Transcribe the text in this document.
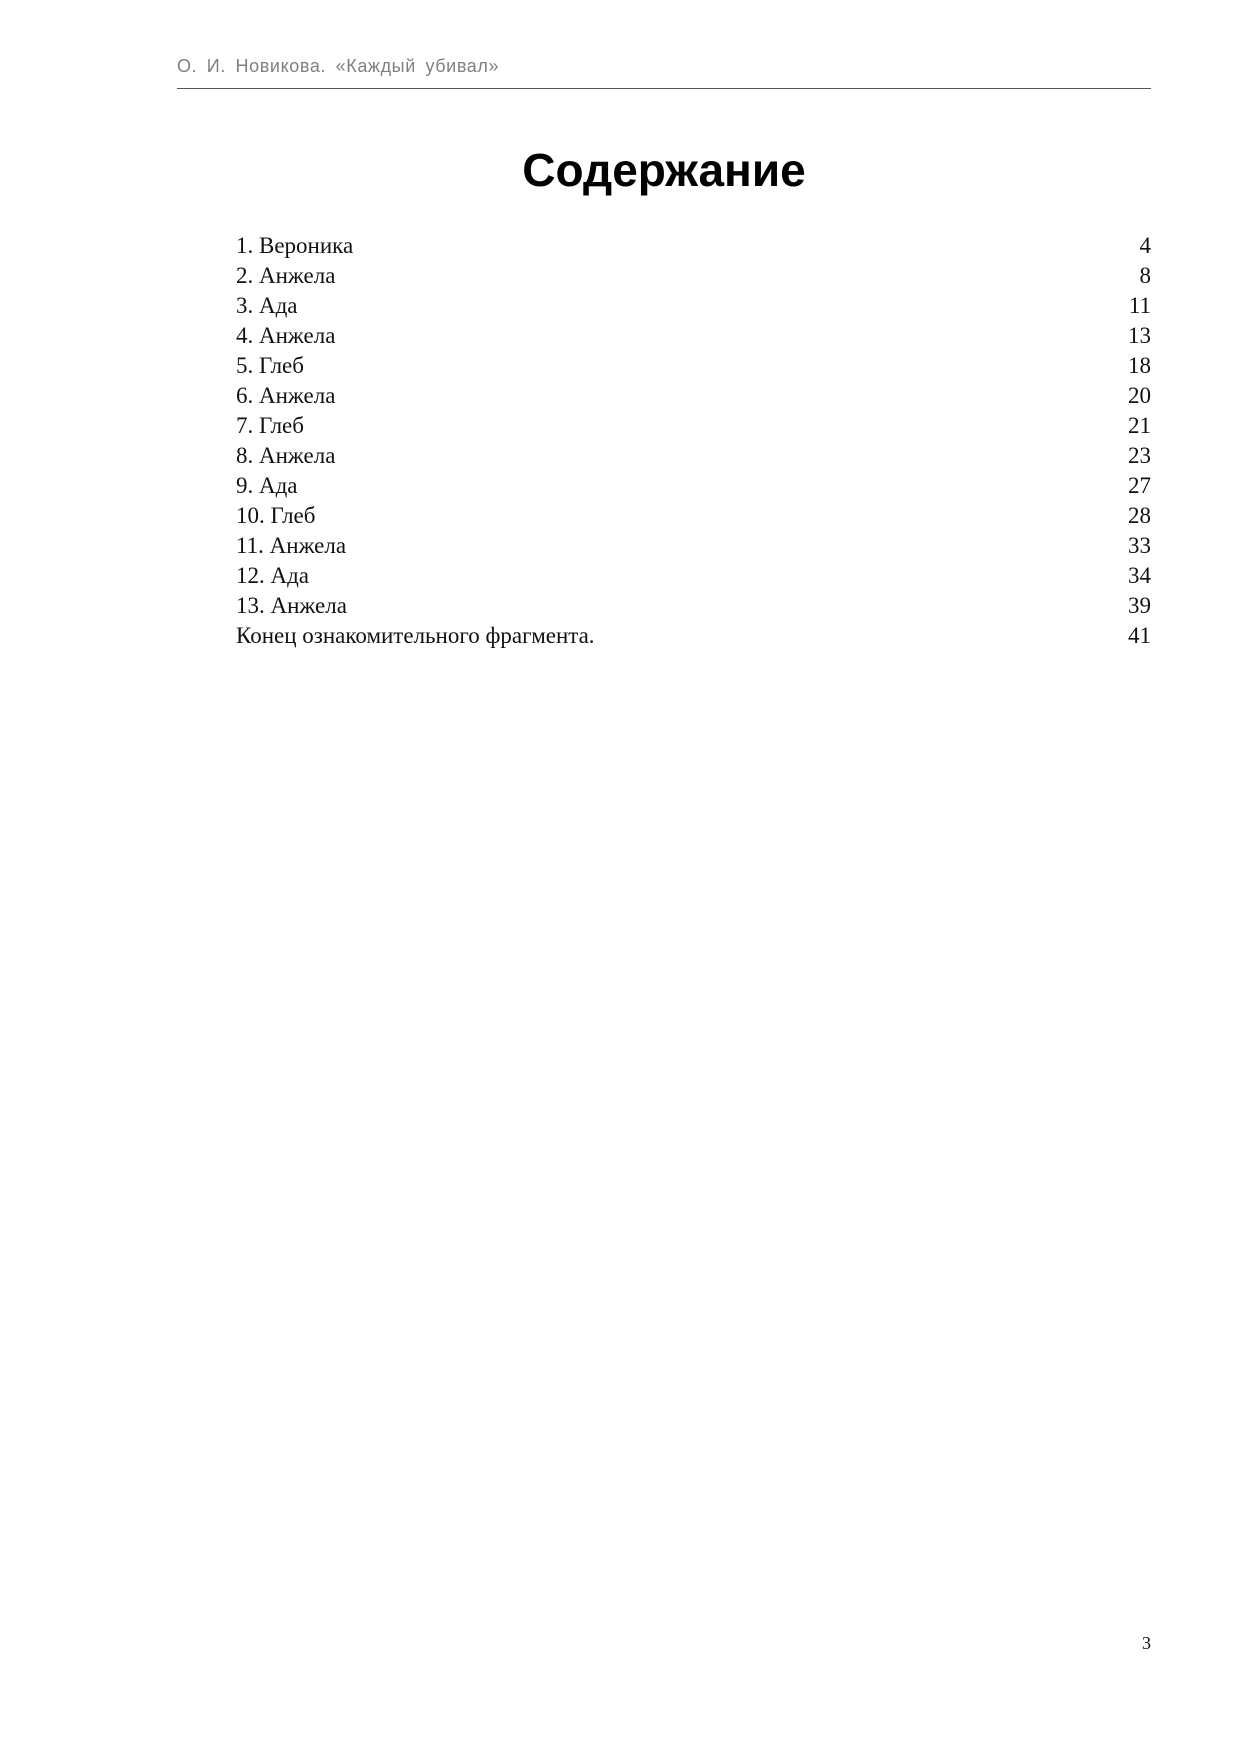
О. И. Новикова. «Каждый убивал»
Содержание
1. Вероника	4
2. Анжела	8
3. Ада	11
4. Анжела	13
5. Глеб	18
6. Анжела	20
7. Глеб	21
8. Анжела	23
9. Ада	27
10. Глеб	28
11. Анжела	33
12. Ада	34
13. Анжела	39
Конец ознакомительного фрагмента.	41
3
